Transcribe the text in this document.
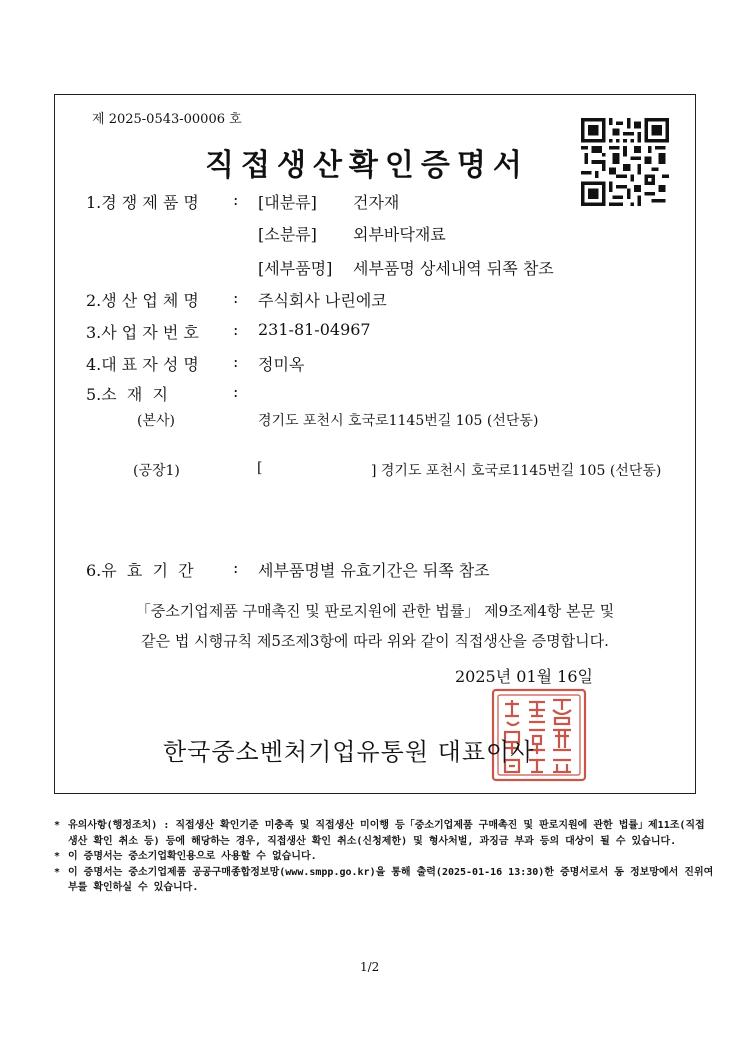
제 2025-0543-00006 호
직접생산확인증명서
1.경 쟁 제 품 명 : [대분류] 건자재
[소분류] 외부바닥재료
[세부품명] 세부품명 상세내역 뒤쪽 참조
2.생 산 업 체 명 : 주식회사 나린에코
3.사 업 자 번 호 : 231-81-04967
4.대 표 자 성 명 : 정미옥
5.소  재  지	:
(본사)	경기도 포천시 호국로1145번길 105 (선단동)
(공장1)	[	] 경기도 포천시 호국로1145번길 105 (선단동)
6.유  효  기  간 : 세부품명별 유효기간은 뒤쪽 참조
「중소기업제품 구매촉진 및 판로지원에 관한 법률」 제9조제4항 본문 및
같은 법 시행규칙 제5조제3항에 따라 위와 같이 직접생산을 증명합니다.
2025년 01월 16일
한국중소벤처기업유통원 대표이사
* 유의사항(행정조치) : 직접생산 확인기준 미충족 및 직접생산 미이행 등「중소기업제품 구매촉진 및 판로지원에 관한 법률」제11조(직접생산 확인 취소 등) 등에 해당하는 경우, 직접생산 확인 취소(신청제한) 및 형사처벌, 과징금 부과 등의 대상이 될 수 있습니다.
* 이 증명서는 중소기업확인용으로 사용할 수 없습니다.
* 이 증명서는 중소기업제품 공공구매종합정보망(www.smpp.go.kr)을 통해 출력(2025-01-16 13:30)한 증명서로서 동 정보망에서 진위여부를 확인하실 수 있습니다.
1/2
